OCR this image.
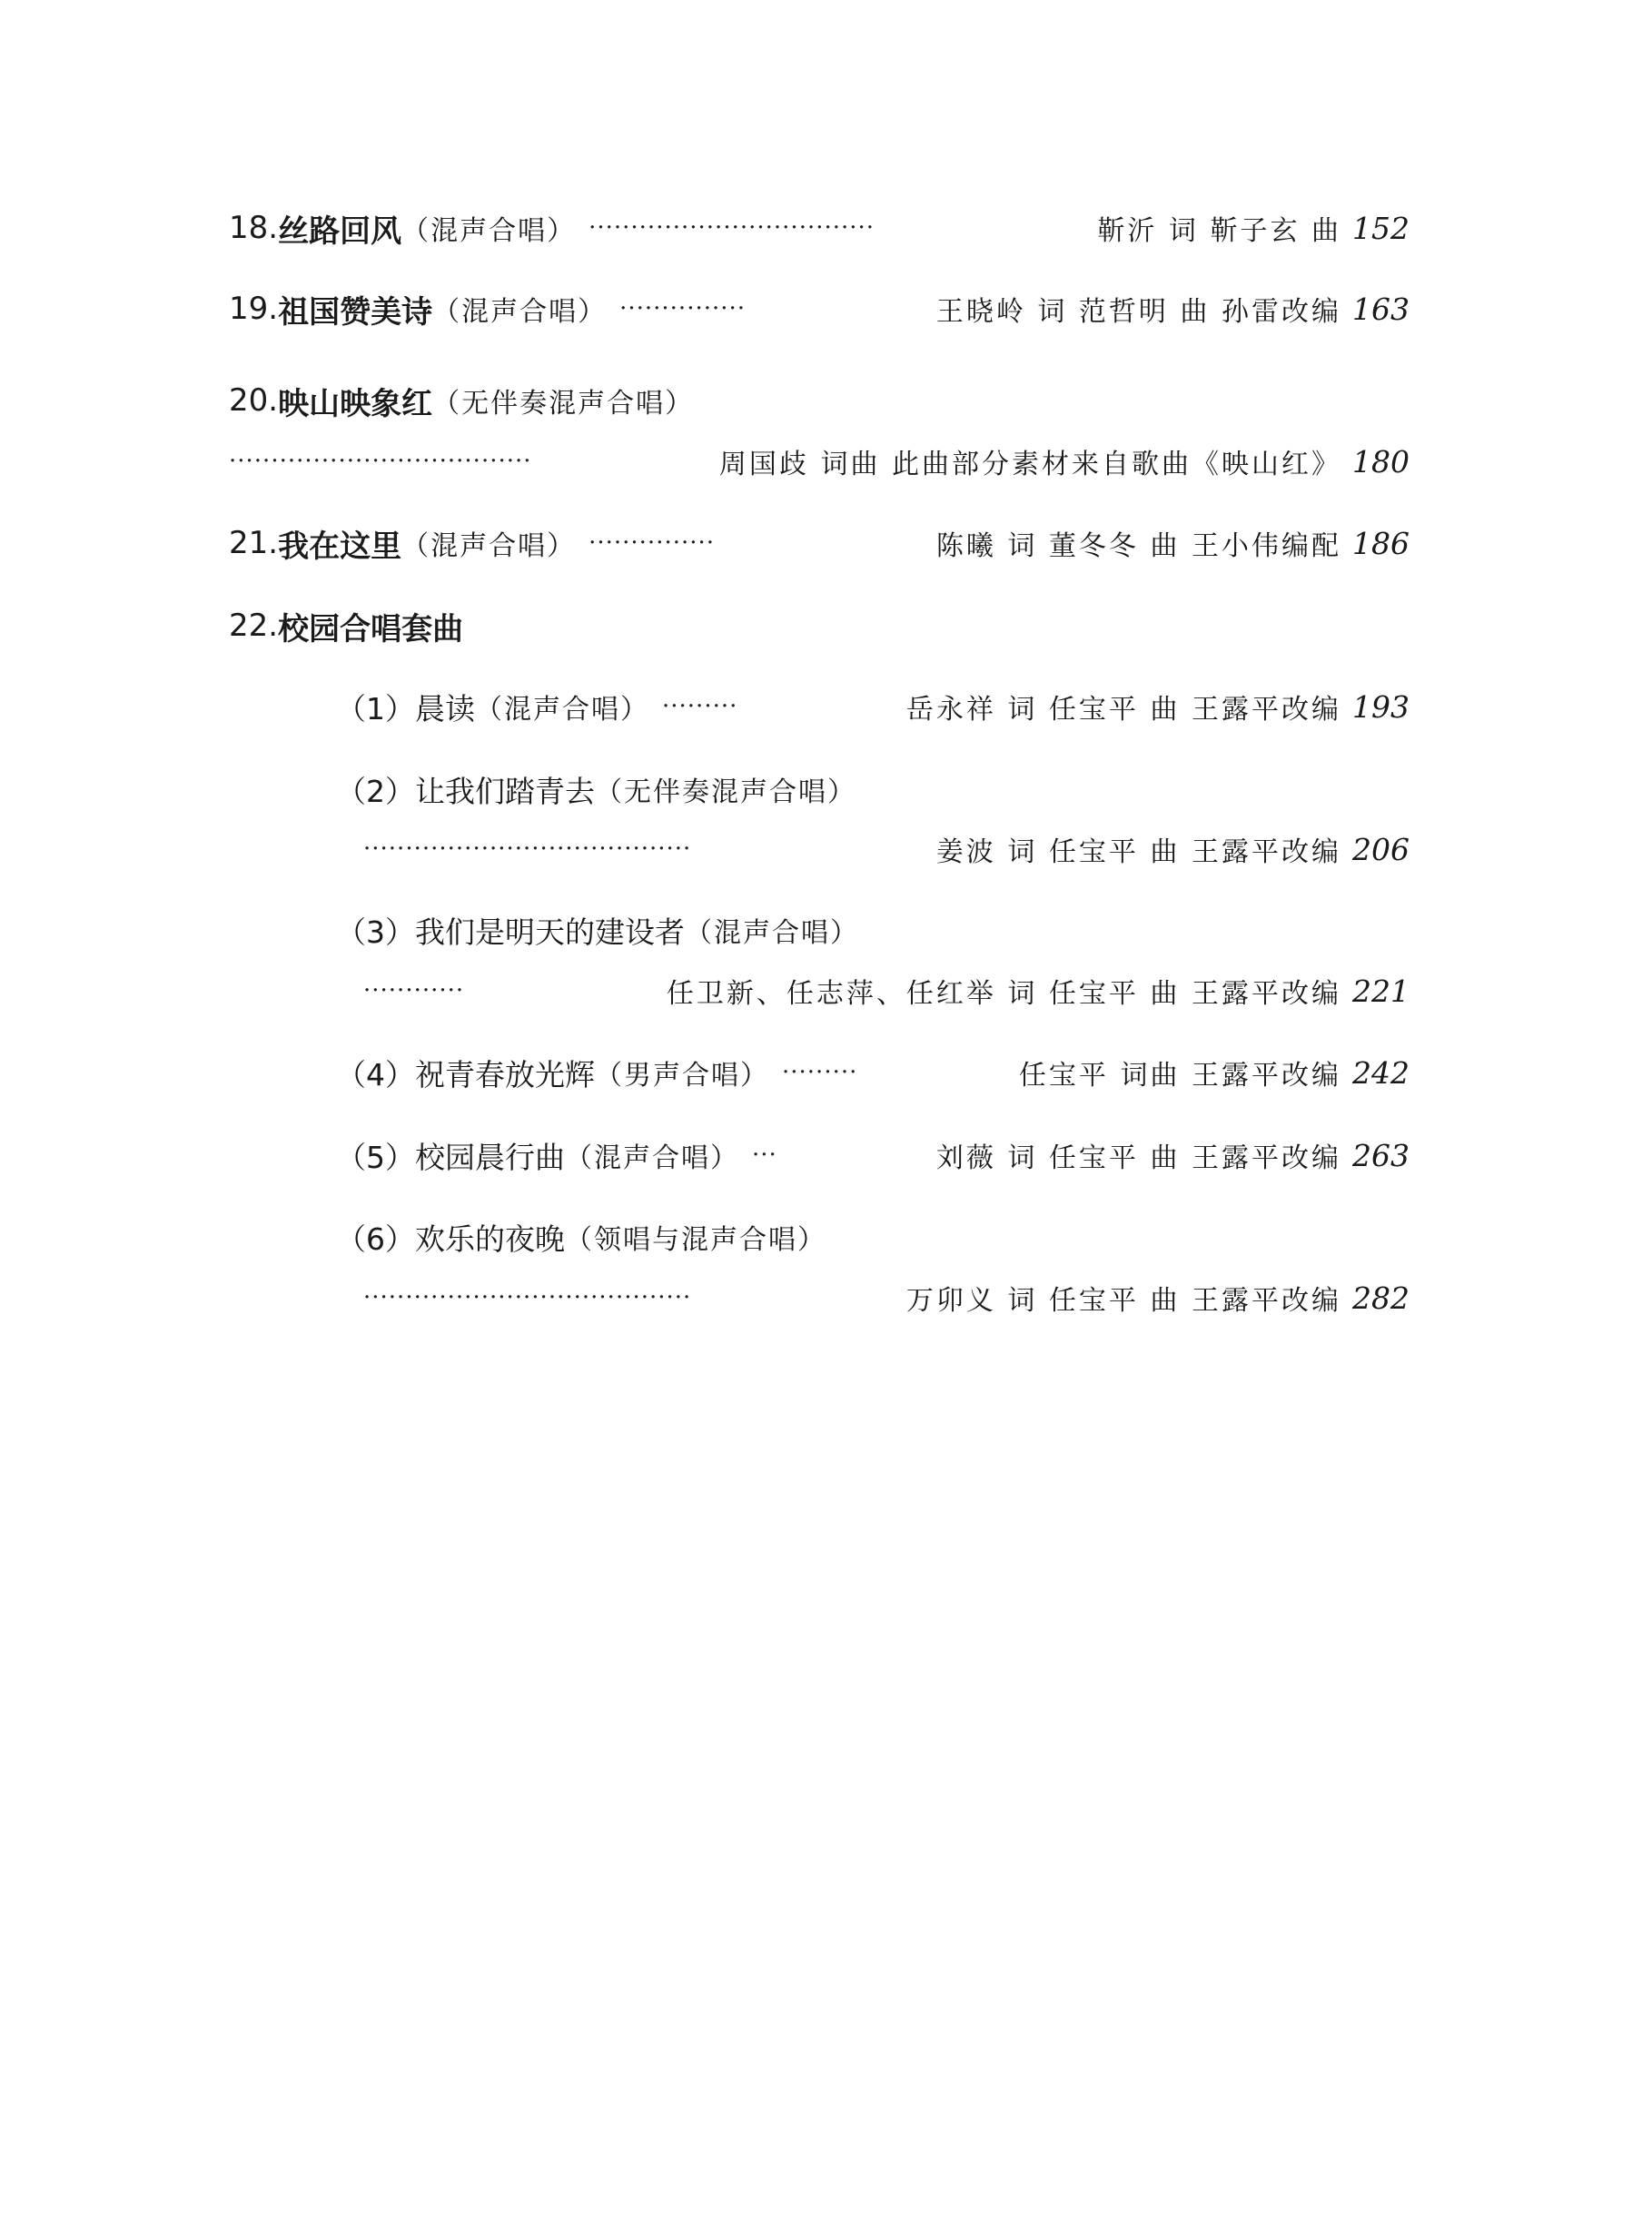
18. 丝路回风 （混声合唱） ··································	靳沂 词 靳子玄 曲 152
19. 祖国赞美诗 （混声合唱） ···············	王晓岭 词 范哲明 曲 孙雷改编 163
20. 映山映象红 （无伴奏混声合唱）
····································	周国歧 词曲 此曲部分素材来自歌曲《映山红》 180
21. 我在这里 （混声合唱） ···············	陈曦 词 董冬冬 曲 王小伟编配 186
22. 校园合唱套曲
（1） 晨读 （混声合唱） ·········	岳永祥 词 任宝平 曲 王露平改编 193
（2） 让我们踏青去 （无伴奏混声合唱）
·······································	姜波 词 任宝平 曲 王露平改编 206
（3） 我们是明天的建设者 （混声合唱）
············	任卫新、任志萍、任红举 词 任宝平 曲 王露平改编 221
（4） 祝青春放光辉 （男声合唱） ·········	任宝平 词曲 王露平改编 242
（5） 校园晨行曲 （混声合唱） ···	刘薇 词 任宝平 曲 王露平改编 263
（6） 欢乐的夜晚 （领唱与混声合唱）
·······································	万卯义 词 任宝平 曲 王露平改编 282
